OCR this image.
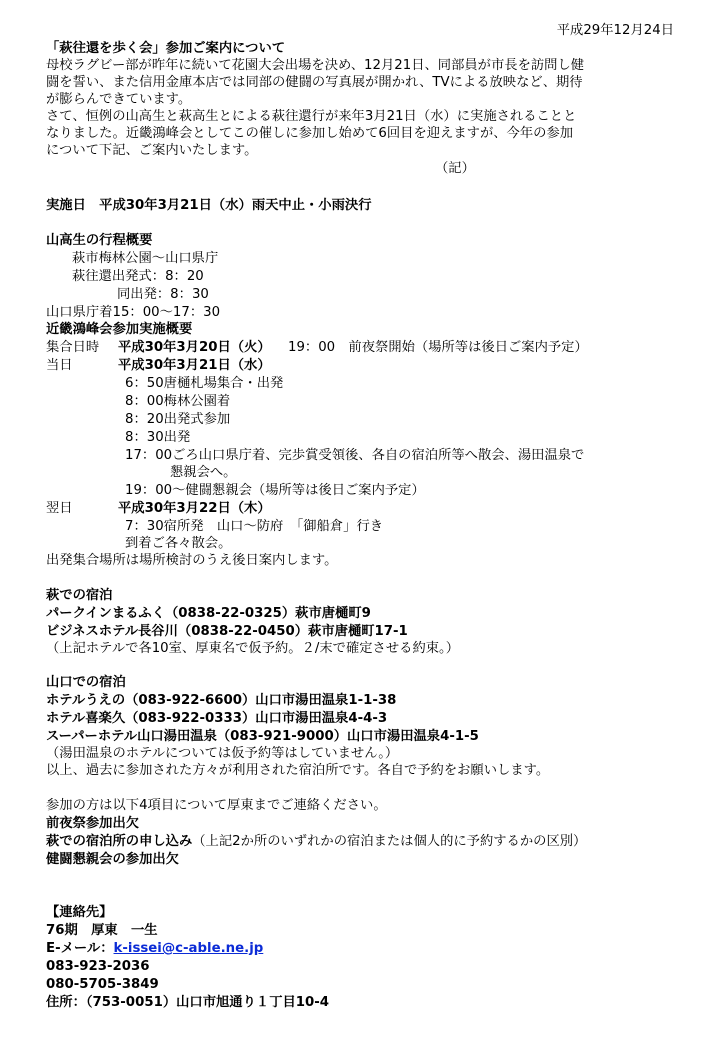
平成29年12月24日
「萩往還を歩く会」参加ご案内について
母校ラグビー部が昨年に続いて花園大会出場を決め、12月21日、同部員が市長を訪問し健
闘を誓い、また信用金庫本店では同部の健闘の写真展が開かれ、TVによる放映など、期待
が膨らんできています。
さて、恒例の山高生と萩高生とによる萩往還行が来年3月21日（水）に実施されることと
なりました。近畿鴻峰会としてこの催しに参加し始めて6回目を迎えますが、今年の参加
について下記、ご案内いたします。
（記）
実施日　平成30年3月21日（水）雨天中止・小雨決行
山高生の行程概要
萩市梅林公園～山口県庁
萩往還出発式：8：20
同出発：8：30
山口県庁着15：00～17：30
近畿鴻峰会参加実施概要
集合日時 平成30年3月20日（火） 19：00　前夜祭開始（場所等は後日ご案内予定）
当日	平成30年3月21日（水）
6：50唐樋札場集合・出発
8：00梅林公園着
8：20出発式参加
8：30出発
17：00ごろ山口県庁着、完歩賞受領後、各自の宿泊所等へ散会、湯田温泉で
懇親会へ。
19：00～健闘懇親会（場所等は後日ご案内予定）
翌日	平成30年3月22日（木）
7：30宿所発　山口～防府　「御船倉」行き
到着ご各々散会。
出発集合場所は場所検討のうえ後日案内します。
萩での宿泊
パークインまるふく（0838-22-0325）萩市唐樋町9
ビジネスホテル長谷川（0838-22-0450）萩市唐樋町17-1
（上記ホテルで各10室、厚東名で仮予約。２/末で確定させる約束。）
山口での宿泊
ホテルうえの（083-922-6600）山口市湯田温泉1-1-38
ホテル喜楽久（083-922-0333）山口市湯田温泉4-4-3
スーパーホテル山口湯田温泉（083-921-9000）山口市湯田温泉4-1-5
（湯田温泉のホテルについては仮予約等はしていません。）
以上、過去に参加された方々が利用された宿泊所です。各自で予約をお願いします。
参加の方は以下4項目について厚東までご連絡ください。
前夜祭参加出欠
萩での宿泊所の申し込み（上記2か所のいずれかの宿泊または個人的に予約するかの区別）
健闘懇親会の参加出欠
【連絡先】
76期　厚東　一生
E-メール：k-issei@c-able.ne.jp
083-923-2036
080-5705-3849
住所：（753-0051）山口市旭通り１丁目10-4
